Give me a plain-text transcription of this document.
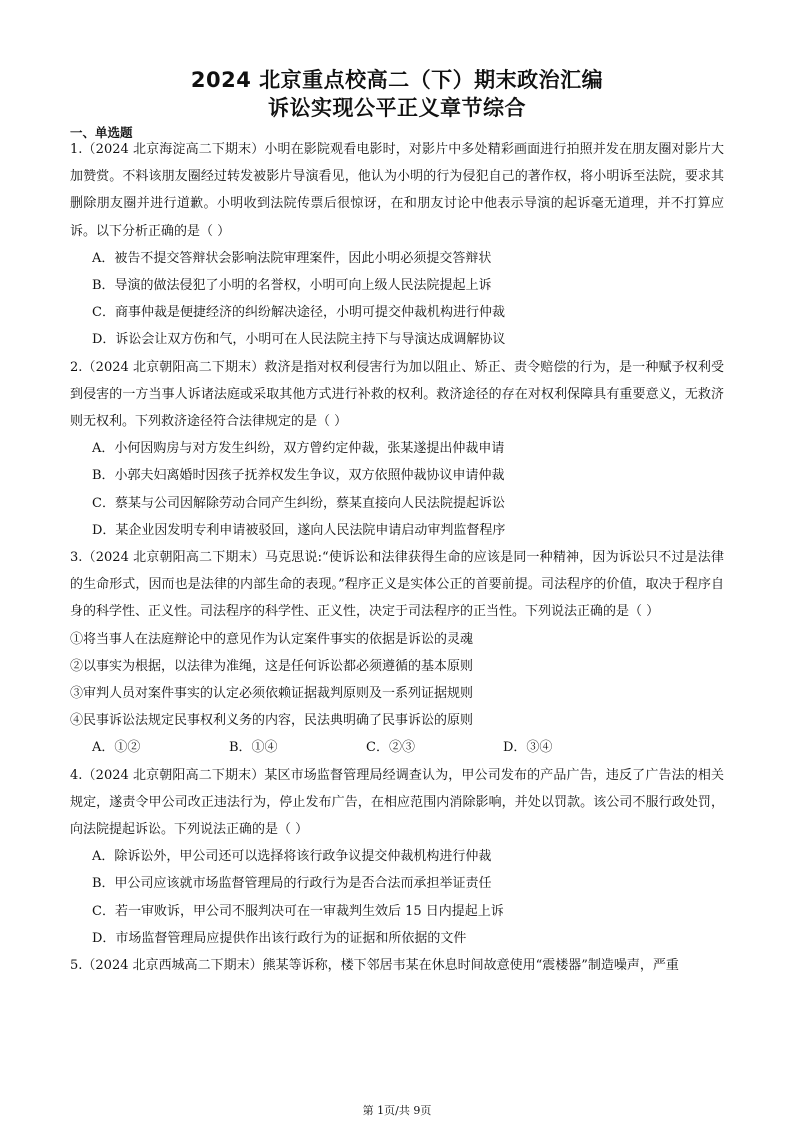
2024 北京重点校高二（下）期末政治汇编
诉讼实现公平正义章节综合
一、单选题
1.（2024 北京海淀高二下期末）小明在影院观看电影时，对影片中多处精彩画面进行拍照并发在朋友圈对影片大加赞赏。不料该朋友圈经过转发被影片导演看见，他认为小明的行为侵犯自己的著作权，将小明诉至法院，要求其删除朋友圈并进行道歉。小明收到法院传票后很惊讶，在和朋友讨论中他表示导演的起诉毫无道理，并不打算应诉。以下分析正确的是（ ）
A．被告不提交答辩状会影响法院审理案件，因此小明必须提交答辩状
B．导演的做法侵犯了小明的名誉权，小明可向上级人民法院提起上诉
C．商事仲裁是便捷经济的纠纷解决途径，小明可提交仲裁机构进行仲裁
D．诉讼会让双方伤和气，小明可在人民法院主持下与导演达成调解协议
2.（2024 北京朝阳高二下期末）救济是指对权利侵害行为加以阻止、矫正、责令赔偿的行为，是一种赋予权利受到侵害的一方当事人诉诸法庭或采取其他方式进行补救的权利。救济途径的存在对权利保障具有重要意义，无救济则无权利。下列救济途径符合法律规定的是（ ）
A．小何因购房与对方发生纠纷，双方曾约定仲裁，张某遂提出仲裁申请
B．小郭夫妇离婚时因孩子抚养权发生争议，双方依照仲裁协议申请仲裁
C．蔡某与公司因解除劳动合同产生纠纷，蔡某直接向人民法院提起诉讼
D．某企业因发明专利申请被驳回，遂向人民法院申请启动审判监督程序
3.（2024 北京朝阳高二下期末）马克思说:“使诉讼和法律获得生命的应该是同一种精神，因为诉讼只不过是法律的生命形式，因而也是法律的内部生命的表现。”程序正义是实体公正的首要前提。司法程序的价值，取决于程序自身的科学性、正义性。司法程序的科学性、正义性，决定于司法程序的正当性。下列说法正确的是（ ）
①将当事人在法庭辩论中的意见作为认定案件事实的依据是诉讼的灵魂
②以事实为根据，以法律为准绳，这是任何诉讼都必须遵循的基本原则
③审判人员对案件事实的认定必须依赖证据裁判原则及一系列证据规则
④民事诉讼法规定民事权利义务的内容，民法典明确了民事诉讼的原则
A．①②	B．①④	C．②③	D．③④
4.（2024 北京朝阳高二下期末）某区市场监督管理局经调查认为，甲公司发布的产品广告，违反了广告法的相关规定，遂责令甲公司改正违法行为，停止发布广告，在相应范围内消除影响，并处以罚款。该公司不服行政处罚，向法院提起诉讼。下列说法正确的是（ ）
A．除诉讼外，甲公司还可以选择将该行政争议提交仲裁机构进行仲裁
B．甲公司应该就市场监督管理局的行政行为是否合法而承担举证责任
C．若一审败诉，甲公司不服判决可在一审裁判生效后 15 日内提起上诉
D．市场监督管理局应提供作出该行政行为的证据和所依据的文件
5.（2024 北京西城高二下期末）熊某等诉称，楼下邻居韦某在休息时间故意使用“震楼器”制造噪声，严重
第 1页/共 9页
